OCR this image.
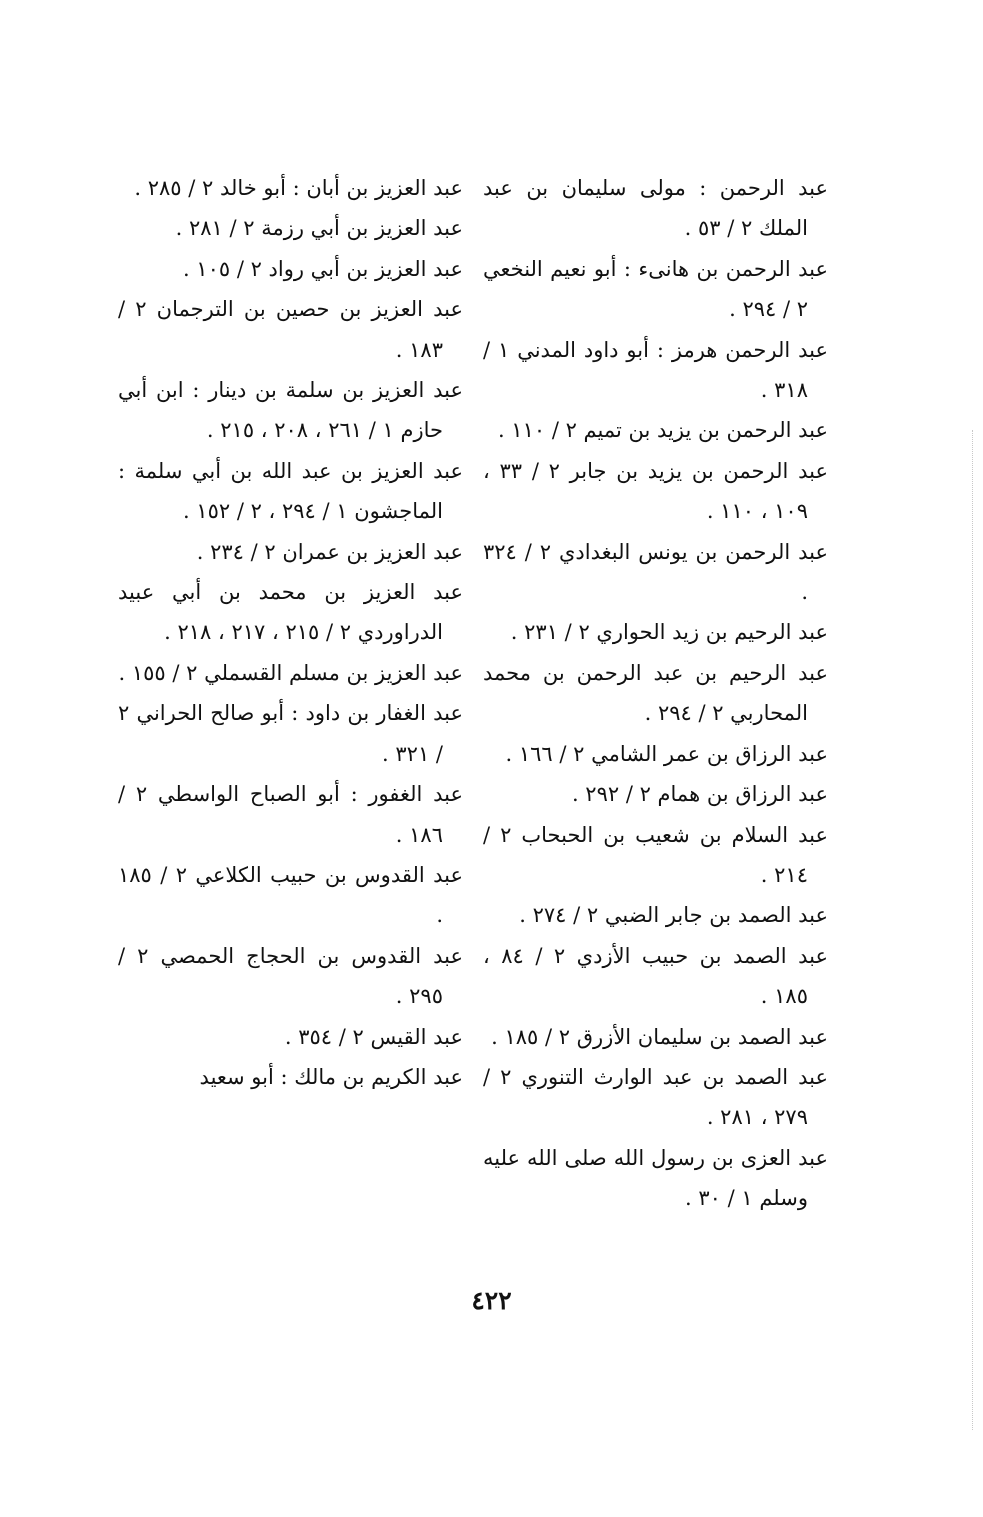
عبد الرحمن : مولى سليمان بن عبد الملك ٢ / ٥٣ .

عبد الرحمن بن هانىء : أبو نعيم النخعي ٢ / ٢٩٤ .

عبد الرحمن هرمز : أبو داود المدني ١ / ٣١٨ .

عبد الرحمن بن يزيد بن تميم ٢ / ١١٠ .

عبد الرحمن بن يزيد بن جابر ٢ / ٣٣ ، ١٠٩ ، ١١٠ .

عبد الرحمن بن يونس البغدادي ٢ / ٣٢٤ .

عبد الرحيم بن زيد الحواري ٢ / ٢٣١ .

عبد الرحيم بن عبد الرحمن بن محمد المحاربي ٢ / ٢٩٤ .

عبد الرزاق بن عمر الشامي ٢ / ١٦٦ .

عبد الرزاق بن همام ٢ / ٢٩٢ .

عبد السلام بن شعيب بن الحبحاب ٢ / ٢١٤ .

عبد الصمد بن جابر الضبي ٢ / ٢٧٤ .

عبد الصمد بن حبيب الأزدي ٢ / ٨٤ ، ١٨٥ .

عبد الصمد بن سليمان الأزرق ٢ / ١٨٥ .

عبد الصمد بن عبد الوارث التنوري ٢ / ٢٧٩ ، ٢٨١ .

عبد العزى بن رسول الله صلى الله عليه وسلم ١ / ٣٠ .

عبد العزيز بن أبان : أبو خالد ٢ / ٢٨٥ .

عبد العزيز بن أبي رزمة ٢ / ٢٨١ .

عبد العزيز بن أبي رواد ٢ / ١٠٥ .

عبد العزيز بن حصين بن الترجمان ٢ / ١٨٣ .

عبد العزيز بن سلمة بن دينار : ابن أبي حازم ١ / ٢٦١ ، ٢٠٨ ، ٢١٥ .

عبد العزيز بن عبد الله بن أبي سلمة : الماجشون ١ / ٢٩٤ ، ٢ / ١٥٢ .

عبد العزيز بن عمران ٢ / ٢٣٤ .

عبد العزيز بن محمد بن أبي عبيد الدراوردي ٢ / ٢١٥ ، ٢١٧ ، ٢١٨ .

عبد العزيز بن مسلم القسملي ٢ / ١٥٥ .

عبد الغفار بن داود : أبو صالح الحراني ٢ / ٣٢١ .

عبد الغفور : أبو الصباح الواسطي ٢ / ١٨٦ .

عبد القدوس بن حبيب الكلاعي ٢ / ١٨٥ .

عبد القدوس بن الحجاج الحمصي ٢ / ٢٩٥ .

عبد القيس ٢ / ٣٥٤ .

عبد الكريم بن مالك : أبو سعيد

٤٢٢
